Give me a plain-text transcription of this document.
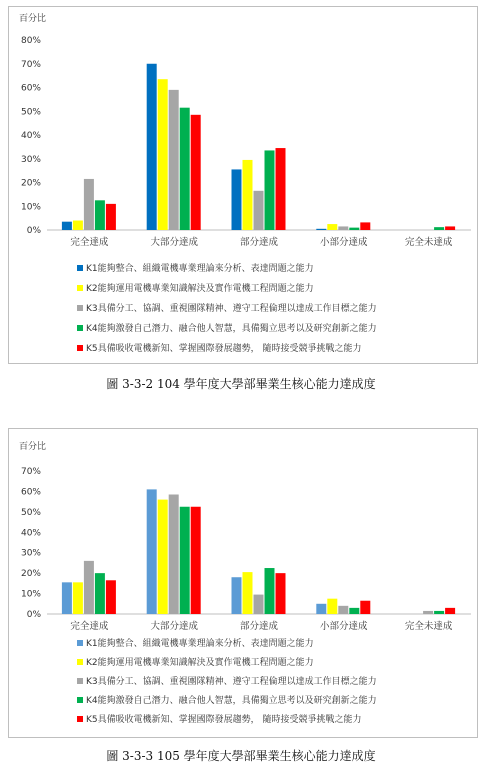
百分比
0%
10%
20%
30%
40%
50%
60%
70%
80%
完全達成	大部分達成	部分達成	小部分達成	完全未達成
K1能夠整合、組織電機專業理論來分析、表達問題之能力
K2能夠運用電機專業知識解決及實作電機工程問題之能力
K3具備分工、協調、重視團隊精神、遵守工程倫理以達成工作目標之能力
K4能夠激發自己潛力、融合他人智慧，具備獨立思考以及研究創新之能力
K5具備吸收電機新知、掌握國際發展趨勢， 隨時接受競爭挑戰之能力
圖 3-3-2 104 學年度大學部畢業生核心能力達成度
百分比
0%
10%
20%
30%
40%
50%
60%
70%
完全達成	大部分達成	部分達成	小部分達成	完全未達成
K1能夠整合、組織電機專業理論來分析、表達問題之能力
K2能夠運用電機專業知識解決及實作電機工程問題之能力
K3具備分工、協調、重視團隊精神、遵守工程倫理以達成工作目標之能力
K4能夠激發自己潛力、融合他人智慧，具備獨立思考以及研究創新之能力
K5具備吸收電機新知、掌握國際發展趨勢， 隨時接受競爭挑戰之能力
圖 3-3-3 105 學年度大學部畢業生核心能力達成度
